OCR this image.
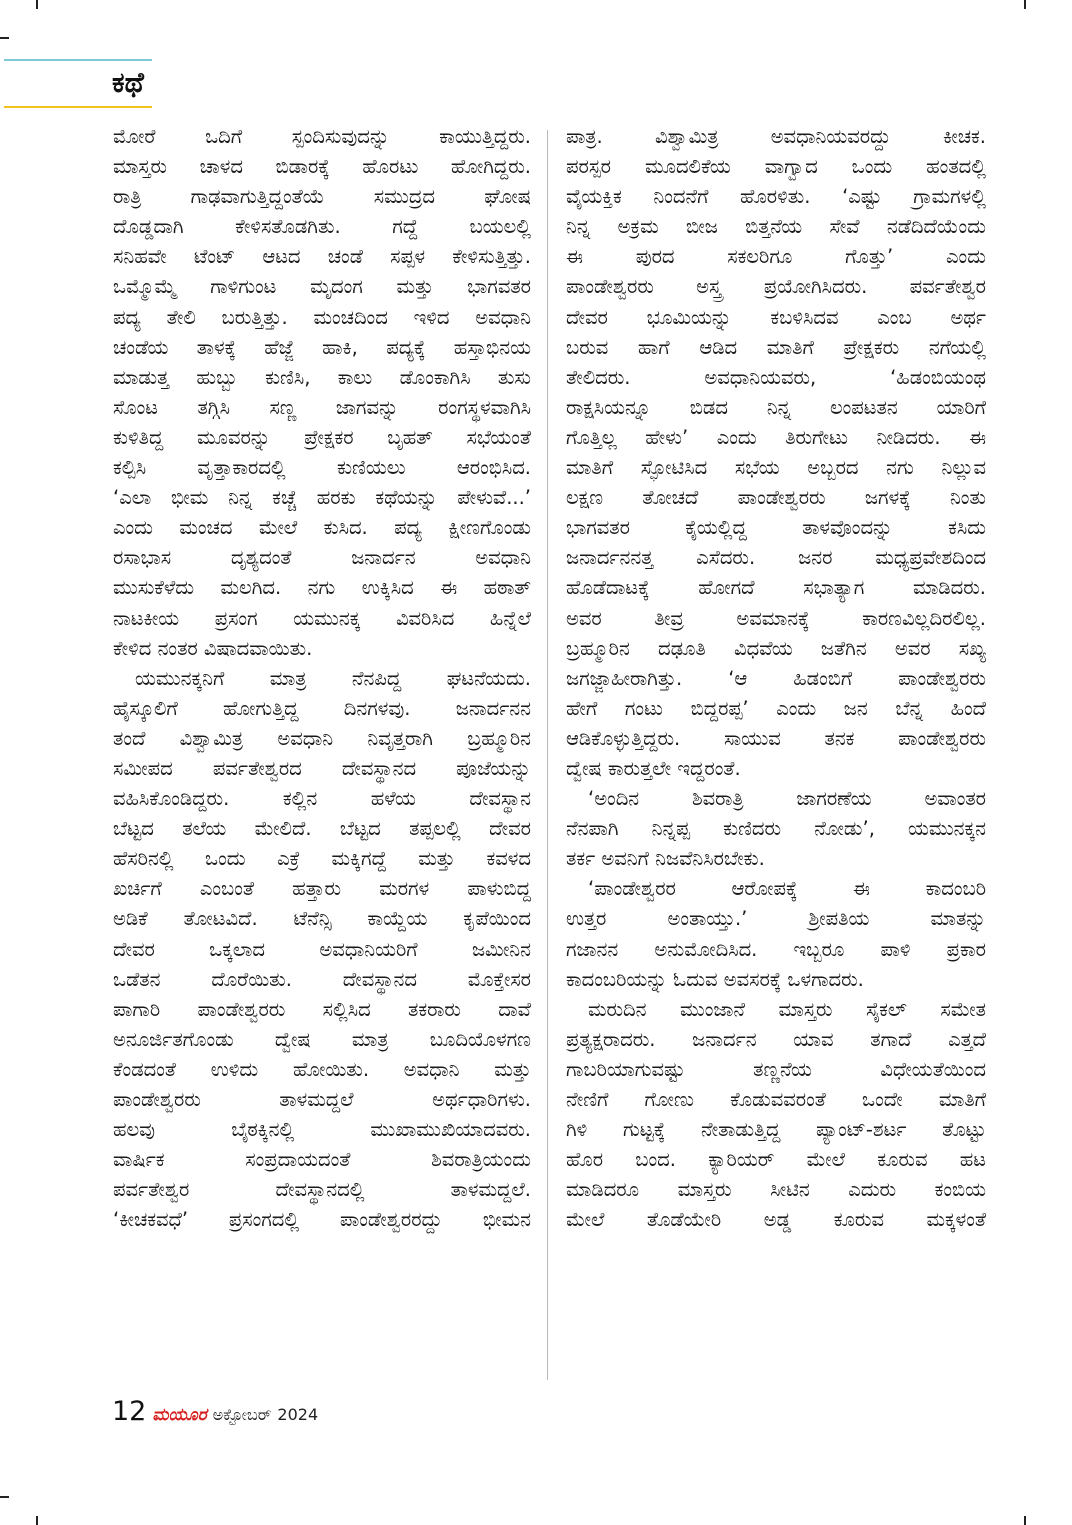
ಕಥೆ
ಮೋರೆ ಒದಿಗೆ ಸ್ಪಂದಿಸುವುದನ್ನು ಕಾಯುತ್ತಿದ್ದರು.
ಮಾಸ್ತರು ಚಾಳದ ಬಿಡಾರಕ್ಕೆ ಹೊರಟು ಹೋಗಿದ್ದರು.
ರಾತ್ರಿ ಗಾಢವಾಗುತ್ತಿದ್ದಂತೆಯೆ ಸಮುದ್ರದ ಘೋಷ
ದೊಡ್ಡದಾಗಿ ಕೇಳಿಸತೊಡಗಿತು. ಗದ್ದೆ ಬಯಲಲ್ಲಿ
ಸನಿಹವೇ ಟೆಂಟ್ ಆಟದ ಚಂಡೆ ಸಪ್ಪಳ ಕೇಳಿಸುತ್ತಿತ್ತು.
ಒಮ್ಮೊಮ್ಮೆ ಗಾಳಿಗುಂಟ ಮೃದಂಗ ಮತ್ತು ಭಾಗವತರ
ಪದ್ಯ ತೇಲಿ ಬರುತ್ತಿತ್ತು. ಮಂಚದಿಂದ ಇಳಿದ ಅವಧಾನಿ
ಚಂಡೆಯ ತಾಳಕ್ಕೆ ಹೆಜ್ಜೆ ಹಾಕಿ, ಪದ್ಯಕ್ಕೆ ಹಸ್ತಾಭಿನಯ
ಮಾಡುತ್ತ ಹುಬ್ಬು ಕುಣಿಸಿ, ಕಾಲು ಡೊಂಕಾಗಿಸಿ ತುಸು
ಸೊಂಟ ತಗ್ಗಿಸಿ ಸಣ್ಣ ಜಾಗವನ್ನು ರಂಗಸ್ಥಳವಾಗಿಸಿ
ಕುಳಿತಿದ್ದ ಮೂವರನ್ನು ಪ್ರೇಕ್ಷಕರ ಬೃಹತ್ ಸಭೆಯಂತೆ
ಕಲ್ಪಿಸಿ ವೃತ್ತಾಕಾರದಲ್ಲಿ ಕುಣಿಯಲು ಆರಂಭಿಸಿದ.
‘ಎಲಾ ಭೀಮ ನಿನ್ನ ಕಚ್ಚೆ ಹರಕು ಕಥೆಯನ್ನು ಪೇಳುವೆ...’
ಎಂದು ಮಂಚದ ಮೇಲೆ ಕುಸಿದ. ಪದ್ಯ ಕ್ಷೀಣಗೊಂಡು
ರಸಾಭಾಸ ದೃಶ್ಯದಂತೆ ಜನಾರ್ದನ ಅವಧಾನಿ
ಮುಸುಕೆಳೆದು ಮಲಗಿದ. ನಗು ಉಕ್ಕಿಸಿದ ಈ ಹಠಾತ್
ನಾಟಕೀಯ ಪ್ರಸಂಗ ಯಮುನಕ್ಕ ವಿವರಿಸಿದ ಹಿನ್ನೆಲೆ
ಕೇಳಿದ ನಂತರ ವಿಷಾದವಾಯಿತು.
ಯಮುನಕ್ಕನಿಗೆ ಮಾತ್ರ ನೆನಪಿದ್ದ ಘಟನೆಯದು.
ಹೈಸ್ಕೂಲಿಗೆ ಹೋಗುತ್ತಿದ್ದ ದಿನಗಳವು. ಜನಾರ್ದನನ
ತಂದೆ ವಿಶ್ವಾಮಿತ್ರ ಅವಧಾನಿ ನಿವೃತ್ತರಾಗಿ ಬ್ರಹ್ಮೂರಿನ
ಸಮೀಪದ ಪರ್ವತೇಶ್ವರದ ದೇವಸ್ಥಾನದ ಪೂಜೆಯನ್ನು
ವಹಿಸಿಕೊಂಡಿದ್ದರು. ಕಲ್ಲಿನ ಹಳೆಯ ದೇವಸ್ಥಾನ
ಬೆಟ್ಟದ ತಲೆಯ ಮೇಲಿದೆ. ಬೆಟ್ಟದ ತಪ್ಪಲಲ್ಲಿ ದೇವರ
ಹೆಸರಿನಲ್ಲಿ ಒಂದು ಎಕ್ರೆ ಮಕ್ಕಿಗದ್ದೆ ಮತ್ತು ಕವಳದ
ಖರ್ಚಿಗೆ ಎಂಬಂತೆ ಹತ್ತಾರು ಮರಗಳ ಪಾಳುಬಿದ್ದ
ಅಡಿಕೆ ತೋಟವಿದೆ. ಟೆನೆನ್ಸಿ ಕಾಯ್ದೆಯ ಕೃಪೆಯಿಂದ
ದೇವರ ಒಕ್ಕಲಾದ ಅವಧಾನಿಯರಿಗೆ ಜಮೀನಿನ
ಒಡೆತನ ದೊರೆಯಿತು. ದೇವಸ್ಥಾನದ ಮೊಕ್ತೇಸರ
ಪಾಗಾರಿ ಪಾಂಡೇಶ್ವರರು ಸಲ್ಲಿಸಿದ ತಕರಾರು ದಾವೆ
ಅನೂರ್ಜಿತಗೊಂಡು ದ್ವೇಷ ಮಾತ್ರ ಬೂದಿಯೊಳಗಣ
ಕೆಂಡದಂತೆ ಉಳಿದು ಹೋಯಿತು. ಅವಧಾನಿ ಮತ್ತು
ಪಾಂಡೇಶ್ವರರು ತಾಳಮದ್ದಲೆ ಅರ್ಥಧಾರಿಗಳು.
ಹಲವು ಬೈಠಕ್ಕಿನಲ್ಲಿ ಮುಖಾಮುಖಿಯಾದವರು.
ವಾರ್ಷಿಕ ಸಂಪ್ರದಾಯದಂತೆ ಶಿವರಾತ್ರಿಯಂದು
ಪರ್ವತೇಶ್ವರ ದೇವಸ್ಥಾನದಲ್ಲಿ ತಾಳಮದ್ದಲೆ.
‘ಕೀಚಕವಧೆ’ ಪ್ರಸಂಗದಲ್ಲಿ ಪಾಂಡೇಶ್ವರರದ್ದು ಭೀಮನ
ಪಾತ್ರ. ವಿಶ್ವಾಮಿತ್ರ ಅವಧಾನಿಯವರದ್ದು ಕೀಚಕ.
ಪರಸ್ಪರ ಮೂದಲಿಕೆಯ ವಾಗ್ವಾದ ಒಂದು ಹಂತದಲ್ಲಿ
ವೈಯಕ್ತಿಕ ನಿಂದನೆಗೆ ಹೊರಳಿತು. ‘ಎಷ್ಟು ಗ್ರಾಮಗಳಲ್ಲಿ
ನಿನ್ನ ಅಕ್ರಮ ಬೀಜ ಬಿತ್ತನೆಯ ಸೇವೆ ನಡೆದಿದೆಯೆಂದು
ಈ ಪುರದ ಸಕಲರಿಗೂ ಗೊತ್ತು’ ಎಂದು
ಪಾಂಡೇಶ್ವರರು ಅಸ್ತ್ರ ಪ್ರಯೋಗಿಸಿದರು. ಪರ್ವತೇಶ್ವರ
ದೇವರ ಭೂಮಿಯನ್ನು ಕಬಳಿಸಿದವ ಎಂಬ ಅರ್ಥ
ಬರುವ ಹಾಗೆ ಆಡಿದ ಮಾತಿಗೆ ಪ್ರೇಕ್ಷಕರು ನಗೆಯಲ್ಲಿ
ತೇಲಿದರು. ಅವಧಾನಿಯವರು, ‘ಹಿಡಂಬಿಯಂಥ
ರಾಕ್ಷಸಿಯನ್ನೂ ಬಿಡದ ನಿನ್ನ ಲಂಪಟತನ ಯಾರಿಗೆ
ಗೊತ್ತಿಲ್ಲ ಹೇಳು’ ಎಂದು ತಿರುಗೇಟು ನೀಡಿದರು. ಈ
ಮಾತಿಗೆ ಸ್ಫೋಟಿಸಿದ ಸಭೆಯ ಅಬ್ಬರದ ನಗು ನಿಲ್ಲುವ
ಲಕ್ಷಣ ತೋಚದೆ ಪಾಂಡೇಶ್ವರರು ಜಗಳಕ್ಕೆ ನಿಂತು
ಭಾಗವತರ ಕೈಯಲ್ಲಿದ್ದ ತಾಳವೊಂದನ್ನು ಕಸಿದು
ಜನಾರ್ದನನತ್ತ ಎಸೆದರು. ಜನರ ಮಧ್ಯಪ್ರವೇಶದಿಂದ
ಹೊಡೆದಾಟಕ್ಕೆ ಹೋಗದೆ ಸಭಾತ್ಯಾಗ ಮಾಡಿದರು.
ಅವರ ತೀವ್ರ ಅವಮಾನಕ್ಕೆ ಕಾರಣವಿಲ್ಲದಿರಲಿಲ್ಲ.
ಬ್ರಹ್ಮೂರಿನ ದಢೂತಿ ವಿಧವೆಯ ಜತೆಗಿನ ಅವರ ಸಖ್ಯ
ಜಗಜ್ಜಾಹೀರಾಗಿತ್ತು. ‘ಆ ಹಿಡಂಬಿಗೆ ಪಾಂಡೇಶ್ವರರು
ಹೇಗೆ ಗಂಟು ಬಿದ್ದರಪ್ಪ’ ಎಂದು ಜನ ಬೆನ್ನ ಹಿಂದೆ
ಆಡಿಕೊಳ್ಳುತ್ತಿದ್ದರು. ಸಾಯುವ ತನಕ ಪಾಂಡೇಶ್ವರರು
ದ್ವೇಷ ಕಾರುತ್ತಲೇ ಇದ್ದರಂತೆ.
‘ಅಂದಿನ ಶಿವರಾತ್ರಿ ಜಾಗರಣೆಯ ಅವಾಂತರ
ನೆನಪಾಗಿ ನಿನ್ನಪ್ಪ ಕುಣಿದರು ನೋಡು’, ಯಮುನಕ್ಕನ
ತರ್ಕ ಅವನಿಗೆ ನಿಜವೆನಿಸಿರಬೇಕು.
‘ಪಾಂಡೇಶ್ವರರ ಆರೋಪಕ್ಕೆ ಈ ಕಾದಂಬರಿ
ಉತ್ತರ ಅಂತಾಯ್ತು.’ ಶ್ರೀಪತಿಯ ಮಾತನ್ನು
ಗಜಾನನ ಅನುಮೋದಿಸಿದ. ಇಬ್ಬರೂ ಪಾಳಿ ಪ್ರಕಾರ
ಕಾದಂಬರಿಯನ್ನು ಓದುವ ಅವಸರಕ್ಕೆ ಒಳಗಾದರು.
ಮರುದಿನ ಮುಂಜಾನೆ ಮಾಸ್ತರು ಸೈಕಲ್ ಸಮೇತ
ಪ್ರತ್ಯಕ್ಷರಾದರು. ಜನಾರ್ದನ ಯಾವ ತಗಾದೆ ಎತ್ತದೆ
ಗಾಬರಿಯಾಗುವಷ್ಟು ತಣ್ಣನೆಯ ವಿಧೇಯತೆಯಿಂದ
ನೇಣಿಗೆ ಗೋಣು ಕೊಡುವವರಂತೆ ಒಂದೇ ಮಾತಿಗೆ
ಗಿಳಿ ಗುಟ್ಟಕ್ಕೆ ನೇತಾಡುತ್ತಿದ್ದ ಪ್ಯಾಂಟ್-ಶರ್ಟ ತೊಟ್ಟು
ಹೊರ ಬಂದ. ಕ್ಯಾರಿಯರ್ ಮೇಲೆ ಕೂರುವ ಹಟ
ಮಾಡಿದರೂ ಮಾಸ್ತರು ಸೀಟಿನ ಎದುರು ಕಂಬಿಯ
ಮೇಲೆ ತೊಡೆಯೇರಿ ಅಡ್ಡ ಕೂರುವ ಮಕ್ಕಳಂತೆ
12 ಮಯೂರ ಅಕ್ಟೋಬರ್ 2024
